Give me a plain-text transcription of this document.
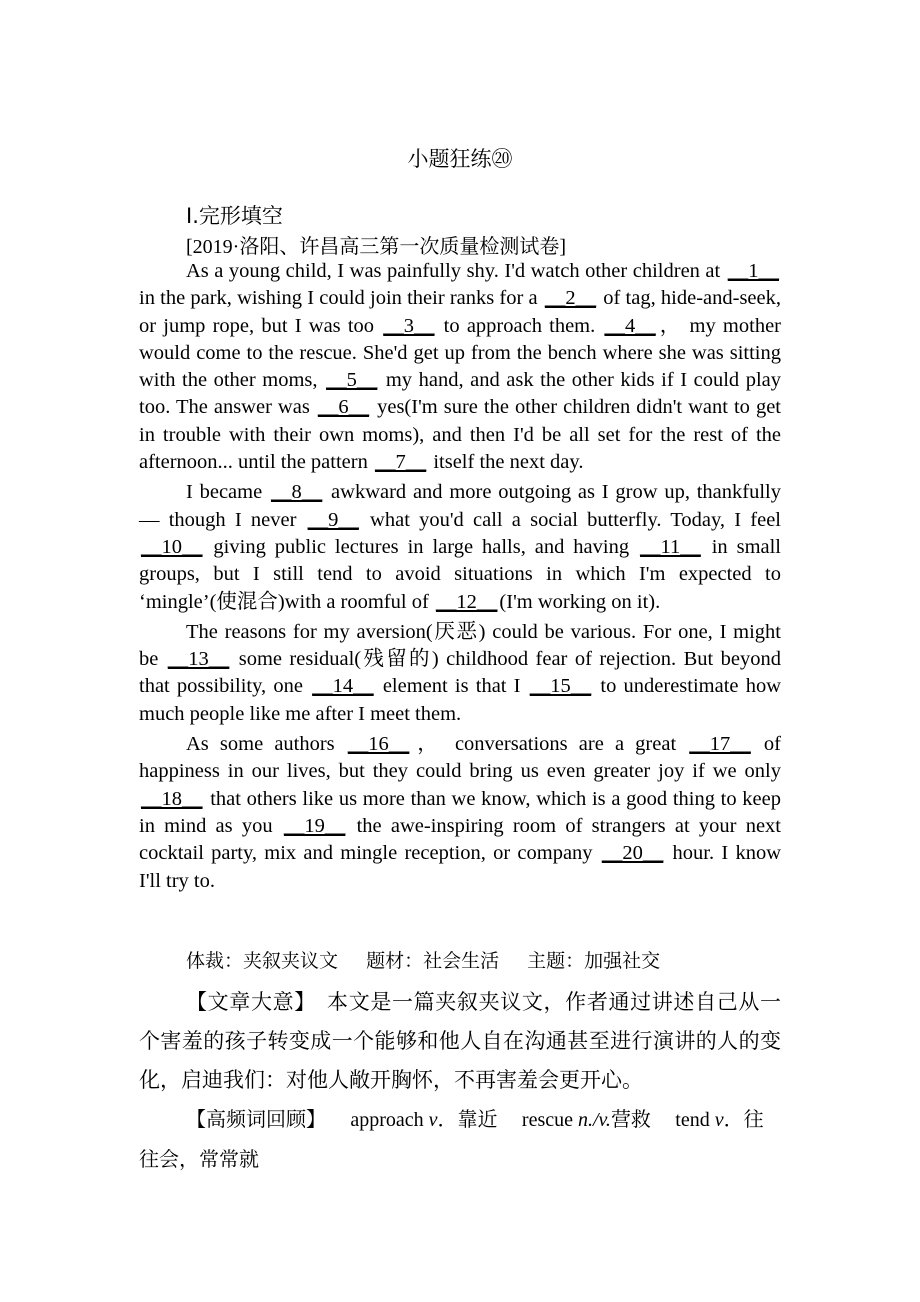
小题狂练⑳
Ⅰ.完形填空
[2019·洛阳、许昌高三第一次质量检测试卷]

As a young child, I was painfully shy. I'd watch other children at __1__ in the park, wishing I could join their ranks for a __2__ of tag, hide-and-seek, or jump rope, but I was too __3__ to approach them. __4__， my mother would come to the rescue. She'd get up from the bench where she was sitting with the other moms, __5__ my hand, and ask the other kids if I could play too. The answer was __6__ yes(I'm sure the other children didn't want to get in trouble with their own moms), and then I'd be all set for the rest of the afternoon... until the pattern __7__ itself the next day.

I became __8__ awkward and more outgoing as I grow up, thankfully — though I never __9__ what you'd call a social butterfly. Today, I feel __10__ giving public lectures in large halls, and having __11__ in small groups, but I still tend to avoid situations in which I'm expected to ‘mingle’(使混合)with a roomful of __12__(I'm working on it).

The reasons for my aversion(厌恶) could be various. For one, I might be __13__ some residual(残留的) childhood fear of rejection. But beyond that possibility, one __14__ element is that I __15__ to underestimate how much people like me after I meet them.

As some authors __16__， conversations are a great __17__ of happiness in our lives, but they could bring us even greater joy if we only __18__ that others like us more than we know, which is a good thing to keep in mind as you __19__ the awe-inspiring room of strangers at your next cocktail party, mix and mingle reception, or company __20__ hour. I know I'll try to.

体裁：夹叙夹议文 题材：社会生活 主题：加强社交

【文章大意】　 本文是一篇夹叙夹议文，作者通过讲述自己从一个害羞的孩子转变成一个能够和他人自在沟通甚至进行演讲的人的变化，启迪我们：对他人敞开胸怀，不再害羞会更开心。

【高频词回顾】 approach v．靠近 rescue n./v.营救 tend v．往往会，常常就
